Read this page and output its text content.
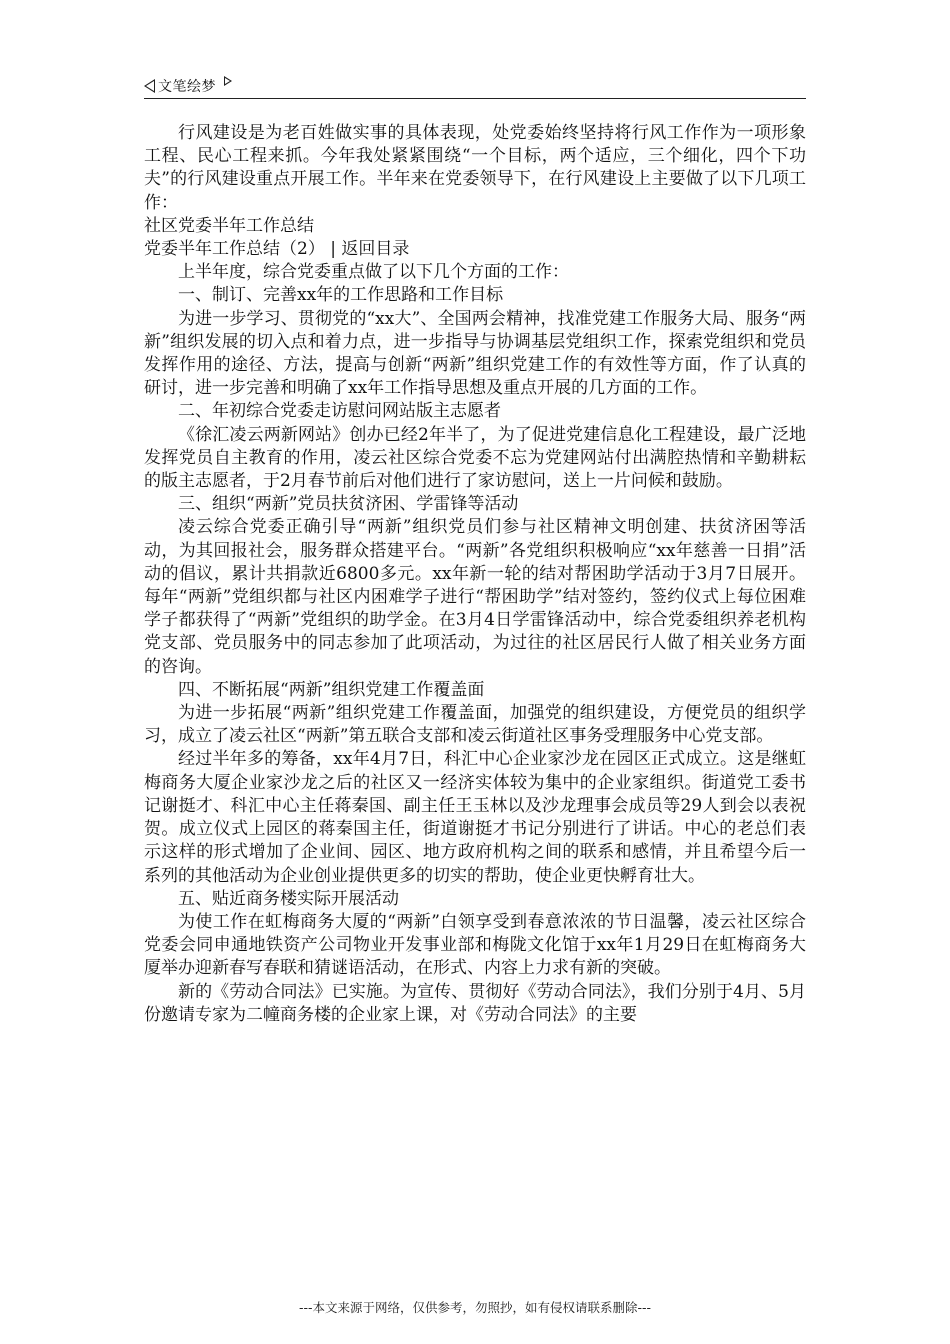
文笔绘梦

行风建设是为老百姓做实事的具体表现，处党委始终坚持将行风工作作为一项形象工程、民心工程来抓。今年我处紧紧围绕“一个目标，两个适应，三个细化，四个下功夫”的行风建设重点开展工作。半年来在党委领导下，在行风建设上主要做了以下几项工作：

社区党委半年工作总结

党委半年工作总结（2） | 返回目录

上半年度，综合党委重点做了以下几个方面的工作：

一、制订、完善xx年的工作思路和工作目标

为进一步学习、贯彻党的“xx大”、全国两会精神，找准党建工作服务大局、服务“两新”组织发展的切入点和着力点，进一步指导与协调基层党组织工作，探索党组织和党员发挥作用的途径、方法，提高与创新“两新”组织党建工作的有效性等方面，作了认真的研讨，进一步完善和明确了xx年工作指导思想及重点开展的几方面的工作。

二、年初综合党委走访慰问网站版主志愿者

《徐汇凌云两新网站》创办已经2年半了，为了促进党建信息化工程建设，最广泛地发挥党员自主教育的作用，凌云社区综合党委不忘为党建网站付出满腔热情和辛勤耕耘的版主志愿者，于2月春节前后对他们进行了家访慰问，送上一片问候和鼓励。

三、组织“两新”党员扶贫济困、学雷锋等活动

凌云综合党委正确引导“两新”组织党员们参与社区精神文明创建、扶贫济困等活动，为其回报社会，服务群众搭建平台。“两新”各党组织积极响应“xx年慈善一日捐”活动的倡议，累计共捐款近6800多元。xx年新一轮的结对帮困助学活动于3月7日展开。每年“两新”党组织都与社区内困难学子进行“帮困助学”结对签约，签约仪式上每位困难学子都获得了“两新”党组织的助学金。在3月4日学雷锋活动中，综合党委组织养老机构党支部、党员服务中的同志参加了此项活动，为过往的社区居民行人做了相关业务方面的咨询。

四、不断拓展“两新”组织党建工作覆盖面

为进一步拓展“两新”组织党建工作覆盖面，加强党的组织建设，方便党员的组织学习，成立了凌云社区“两新”第五联合支部和凌云街道社区事务受理服务中心党支部。

经过半年多的筹备，xx年4月7日，科汇中心企业家沙龙在园区正式成立。这是继虹梅商务大厦企业家沙龙之后的社区又一经济实体较为集中的企业家组织。街道党工委书记谢挺才、科汇中心主任蒋秦国、副主任王玉林以及沙龙理事会成员等29人到会以表祝贺。成立仪式上园区的蒋秦国主任，街道谢挺才书记分别进行了讲话。中心的老总们表示这样的形式增加了企业间、园区、地方政府机构之间的联系和感情，并且希望今后一系列的其他活动为企业创业提供更多的切实的帮助，使企业更快孵育壮大。

五、贴近商务楼实际开展活动

为使工作在虹梅商务大厦的“两新”白领享受到春意浓浓的节日温馨，凌云社区综合党委会同申通地铁资产公司物业开发事业部和梅陇文化馆于xx年1月29日在虹梅商务大厦举办迎新春写春联和猜谜语活动，在形式、内容上力求有新的突破。

新的《劳动合同法》已实施。为宣传、贯彻好《劳动合同法》，我们分别于4月、5月份邀请专家为二幢商务楼的企业家上课，对《劳动合同法》的主要

---本文来源于网络，仅供参考，勿照抄，如有侵权请联系删除---
